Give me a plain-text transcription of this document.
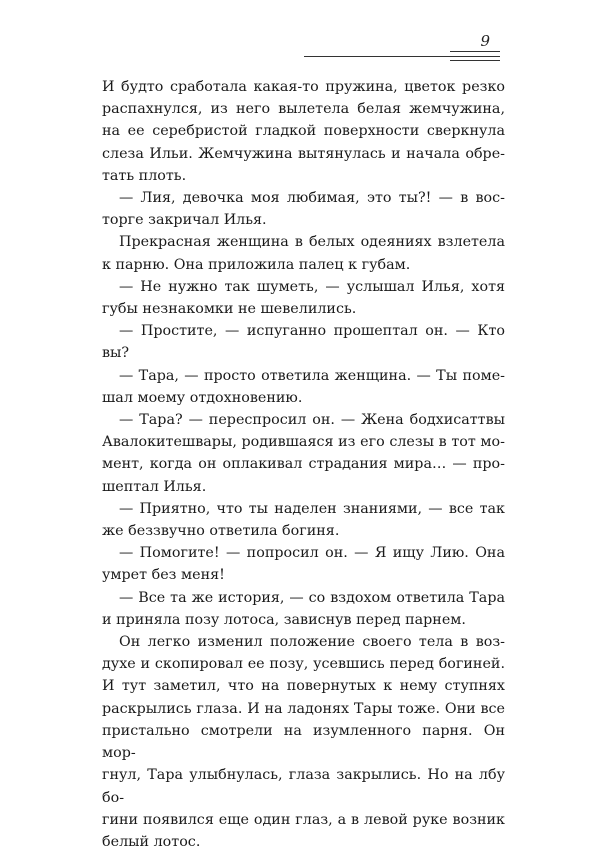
9

И будто сработала какая-то пружина, цветок резко

распахнулся, из него вылетела белая жемчужина,

на ее серебристой гладкой поверхности сверкнула

слеза Ильи. Жемчужина вытянулась и начала обре-

тать плоть.

— Лия, девочка моя любимая, это ты?! — в вос-

торге закричал Илья.

Прекрасная женщина в белых одеяниях взлетела

к парню. Она приложила палец к губам.

— Не нужно так шуметь, — услышал Илья, хотя

губы незнакомки не шевелились.

— Простите, — испуганно прошептал он. — Кто вы?

— Тара, — просто ответила женщина. — Ты поме-

шал моему отдохновению.

— Тара? — переспросил он. — Жена бодхисаттвы

Авалокитешвары, родившаяся из его слезы в тот мо-

мент, когда он оплакивал страдания мира… — про-

шептал Илья.

— Приятно, что ты наделен знаниями, — все так

же беззвучно ответила богиня.

— Помогите! — попросил он. — Я ищу Лию. Она

умрет без меня!

— Все та же история, — со вздохом ответила Тара

и приняла позу лотоса, зависнув перед парнем.

Он легко изменил положение своего тела в воз-

духе и скопировал ее позу, усевшись перед богиней.

И тут заметил, что на повернутых к нему ступнях

раскрылись глаза. И на ладонях Тары тоже. Они все

пристально смотрели на изумленного парня. Он мор-

гнул, Тара улыбнулась, глаза закрылись. Но на лбу бо-

гини появился еще один глаз, а в левой руке возник

белый лотос.
